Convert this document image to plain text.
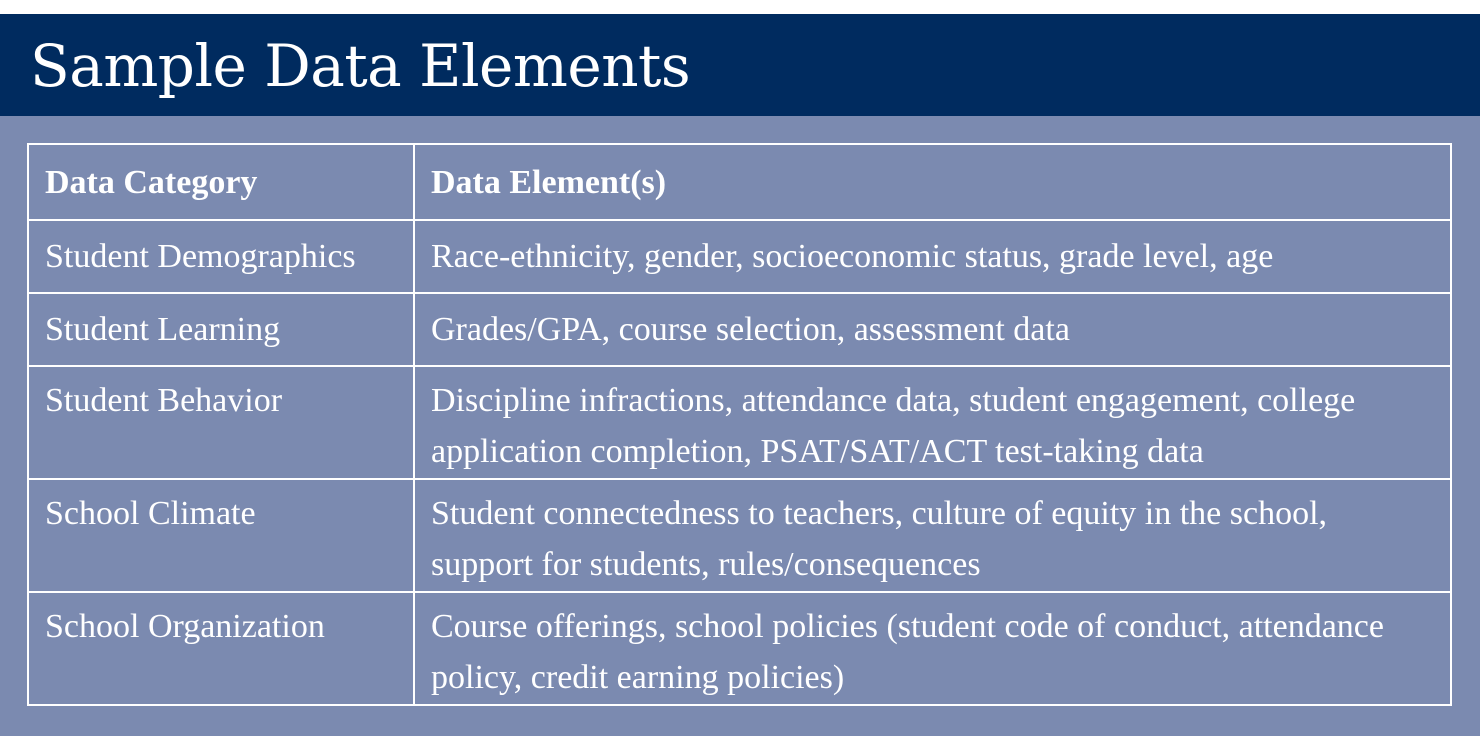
Sample Data Elements
Data Category	Data Element(s)
Student Demographics	Race-ethnicity, gender, socioeconomic status, grade level, age
Student Learning	Grades/GPA, course selection, assessment data
Student Behavior	Discipline infractions, attendance data, student engagement, college application completion, PSAT/SAT/ACT test-taking data
School Climate	Student connectedness to teachers, culture of equity in the school, support for students, rules/consequences
School Organization	Course offerings, school policies (student code of conduct, attendance policy, credit earning policies)
